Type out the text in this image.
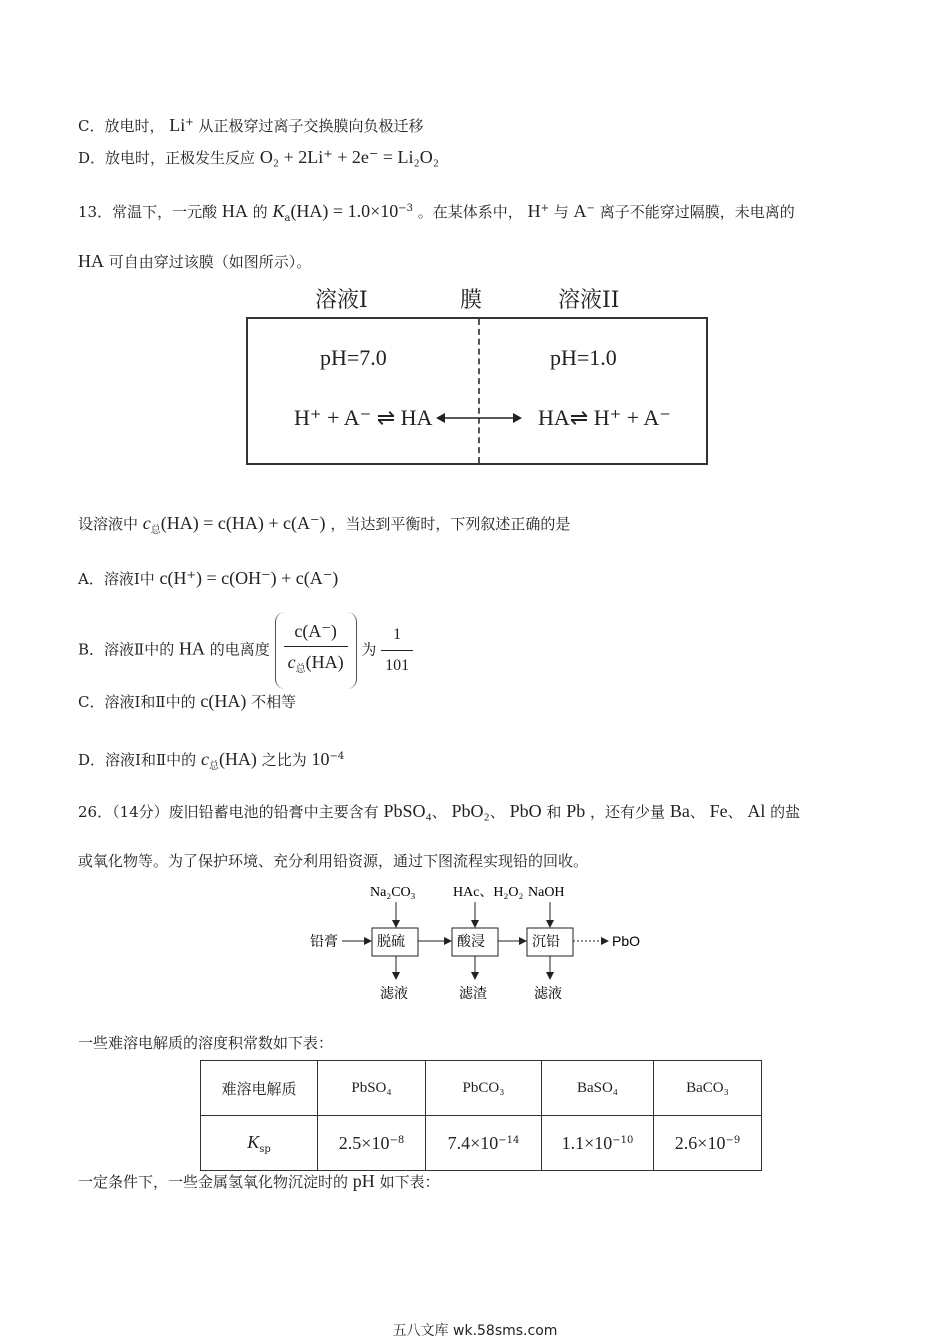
C．放电时， Li+ 从正极穿过离子交换膜向负极迁移
D．放电时，正极发生反应 O₂ + 2Li⁺ + 2e⁻ = Li₂O₂
13．常温下，一元酸 HA 的 $K_a(HA) = 1.0\times 10^{-3}$ 。在某体系中， H+ 与 A− 离子不能穿过隔膜，未电离的
HA 可自由穿过该膜（如图所示）。
溶液I	膜	溶液II
pH=7.0	pH=1.0
H⁺ + A⁻ ⇌ HA	HA⇌ H⁺ + A⁻
设溶液中 $c_总(HA) = c(HA) + c(A^-)$ ，当达到平衡时，下列叙述正确的是
A．溶液Ⅰ中 c(H⁺) = c(OH⁻) + c(A⁻)
B．溶液Ⅱ中的 HA 的电离度 $\frac{c(A^-)}{c_总(HA)}$ 为 $\frac{1}{101}$
C．溶液Ⅰ和Ⅱ中的 c(HA) 不相等
D．溶液Ⅰ和Ⅱ中的 $c_总(HA)$ 之比为 $10^{-4}$
26．（14分）废旧铅蓄电池的铅膏中主要含有 PbSO₄、 PbO₂、 PbO 和 Pb ，还有少量 Ba、 Fe、 Al 的盐
或氧化物等。为了保护环境、充分利用铅资源，通过下图流程实现铅的回收。
Na₂CO₃	HAc、H₂O₂ NaOH
铅膏	脱硫	酸浸	沉铅	PbO
滤液	滤渣	滤液
一些难溶电解质的溶度积常数如下表：
难溶电解质	PbSO₄	PbCO₃	BaSO₄	BaCO₃
$K_{sp}$	$2.5\times 10^{-8}$	$7.4\times 10^{-14}$	$1.1\times 10^{-10}$	$2.6\times 10^{-9}$
一定条件下，一些金属氢氧化物沉淀时的 pH 如下表：
五八文库 wk.58sms.com
